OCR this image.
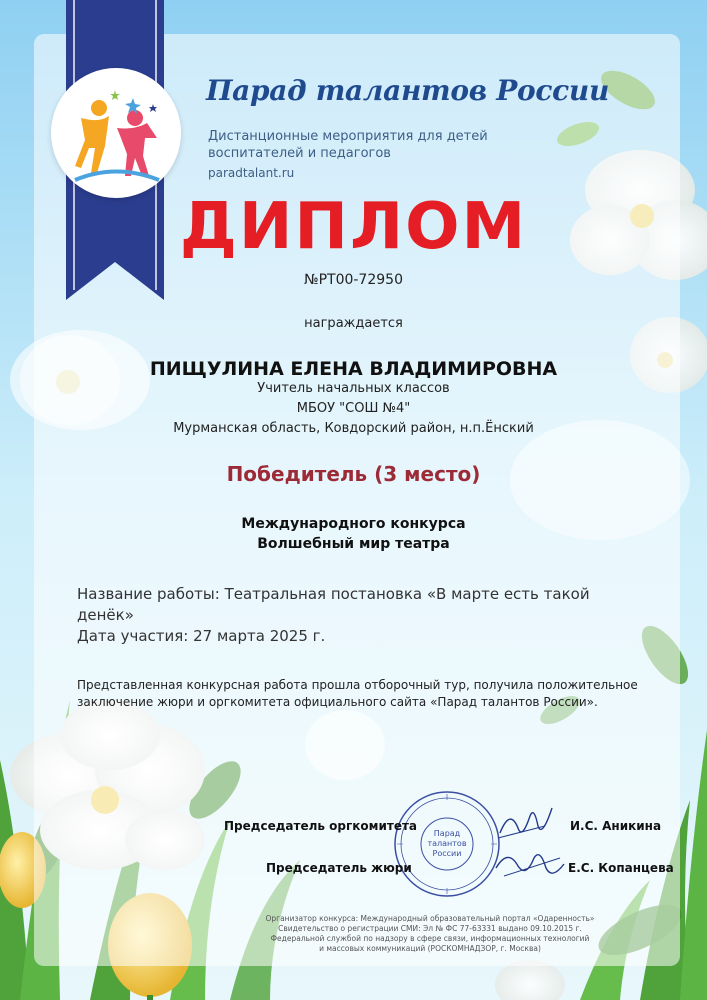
Парад талантов России
Дистанционные мероприятия для детей
воспитателей и педагогов
paradtalant.ru
ДИПЛОМ
№РТ00-72950
награждается
ПИЩУЛИНА ЕЛЕНА ВЛАДИМИРОВНА
Учитель начальных классов
МБОУ "СОШ №4"
Мурманская область, Ковдорский район, н.п.Ёнский
Победитель (3 место)
Международного конкурса
Волшебный мир театра
Название работы: Театральная постановка «В марте есть такой
денёк»
Дата участия: 27 марта 2025 г.
Представленная конкурсная работа прошла отборочный тур, получила положительное
заключение жюри и оргкомитета официального сайта «Парад талантов России».
Парад
талантов
России
Председатель оргкомитета	И.С. Аникина
Председатель жюри	Е.С. Копанцева
Организатор конкурса: Международный образовательный портал «Одаренность»
Свидетельство о регистрации СМИ: Эл № ФС 77-63331 выдано 09.10.2015 г.
Федеральной службой по надзору в сфере связи, информационных технологий
и массовых коммуникаций (РОСКОМНАДЗОР, г. Москва)
